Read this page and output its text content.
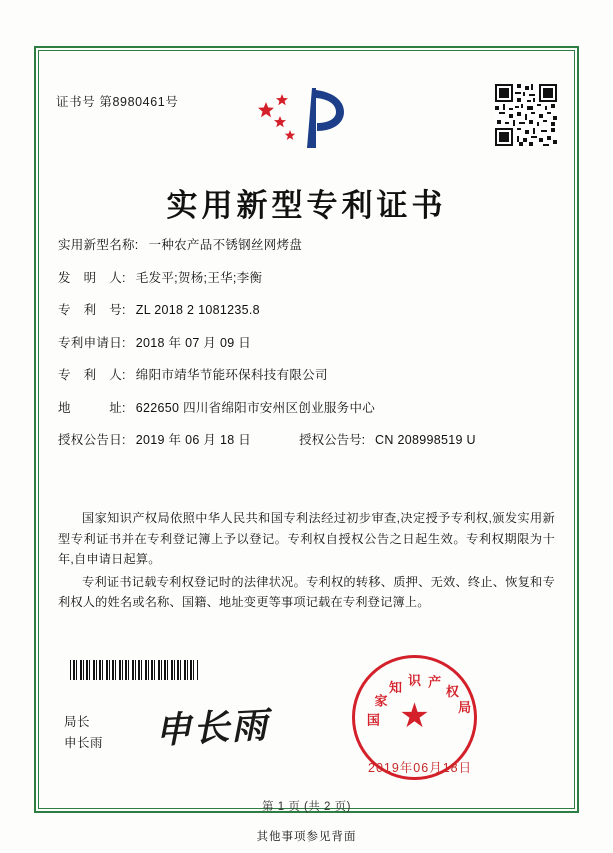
证书号 第8980461号
实用新型专利证书
实用新型名称: 一种农产品不锈钢丝网烤盘
发　明　人: 毛发平;贺杨;王华;李衡
专　利　号: ZL 2018 2 1081235.8
专利申请日: 2018 年 07 月 09 日
专　利　人: 绵阳市靖华节能环保科技有限公司
地　　　址: 622650 四川省绵阳市安州区创业服务中心
授权公告日: 2019 年 06 月 18 日	授权公告号: CN 208998519 U

国家知识产权局依照中华人民共和国专利法经过初步审查,决定授予专利权,颁发实用新型专利证书并在专利登记簿上予以登记。专利权自授权公告之日起生效。专利权期限为十年,自申请日起算。

专利证书记载专利权登记时的法律状况。专利权的转移、质押、无效、终止、恢复和专利权人的姓名或名称、国籍、地址变更等事项记载在专利登记簿上。

局长
申长雨 申长雨	★
国
家
知 识 产
权
局
2019年06月18日
第 1 页 (共 2 页)
其他事项参见背面
